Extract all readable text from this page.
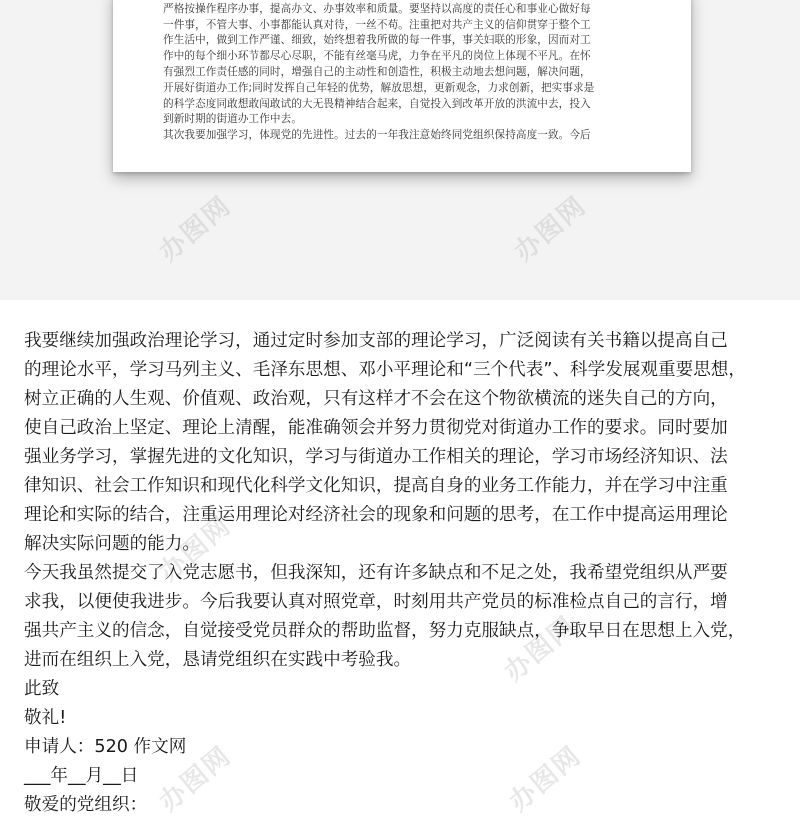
严格按操作程序办事，提高办文、办事效率和质量。要坚持以高度的责任心和事业心做好每
一件事，不管大事、小事都能认真对待，一丝不苟。注重把对共产主义的信仰贯穿于整个工
作生活中，做到工作严谨、细致，始终想着我所做的每一件事，事关妇联的形象，因而对工
作中的每个细小环节都尽心尽职，不能有丝毫马虎，力争在平凡的岗位上体现不平凡。在怀
有强烈工作责任感的同时，增强自己的主动性和创造性，积极主动地去想问题，解决问题，
开展好街道办工作;同时发挥自己年轻的优势，解放思想，更新观念，力求创新，把实事求是
的科学态度同敢想敢闯敢试的大无畏精神结合起来，自觉投入到改革开放的洪流中去，投入
到新时期的街道办工作中去。
其次我要加强学习，体现党的先进性。过去的一年我注意始终同党组织保持高度一致。今后
办图网	办图网
办图网
办图网
办图网	办图网
我要继续加强政治理论学习，通过定时参加支部的理论学习，广泛阅读有关书籍以提高自己
的理论水平，学习马列主义、毛泽东思想、邓小平理论和“三个代表”、科学发展观重要思想，
树立正确的人生观、价值观、政治观，只有这样才不会在这个物欲横流的迷失自己的方向，
使自己政治上坚定、理论上清醒，能准确领会并努力贯彻党对街道办工作的要求。同时要加
强业务学习，掌握先进的文化知识，学习与街道办工作相关的理论，学习市场经济知识、法
律知识、社会工作知识和现代化科学文化知识，提高自身的业务工作能力，并在学习中注重
理论和实际的结合，注重运用理论对经济社会的现象和问题的思考，在工作中提高运用理论
解决实际问题的能力。
今天我虽然提交了入党志愿书，但我深知，还有许多缺点和不足之处，我希望党组织从严要
求我，以便使我进步。今后我要认真对照党章，时刻用共产党员的标准检点自己的言行，增
强共产主义的信念，自觉接受党员群众的帮助监督，努力克服缺点，争取早日在思想上入党，
进而在组织上入党，恳请党组织在实践中考验我。
此致
敬礼!
申请人：520 作文网
___年__月__日
敬爱的党组织：
